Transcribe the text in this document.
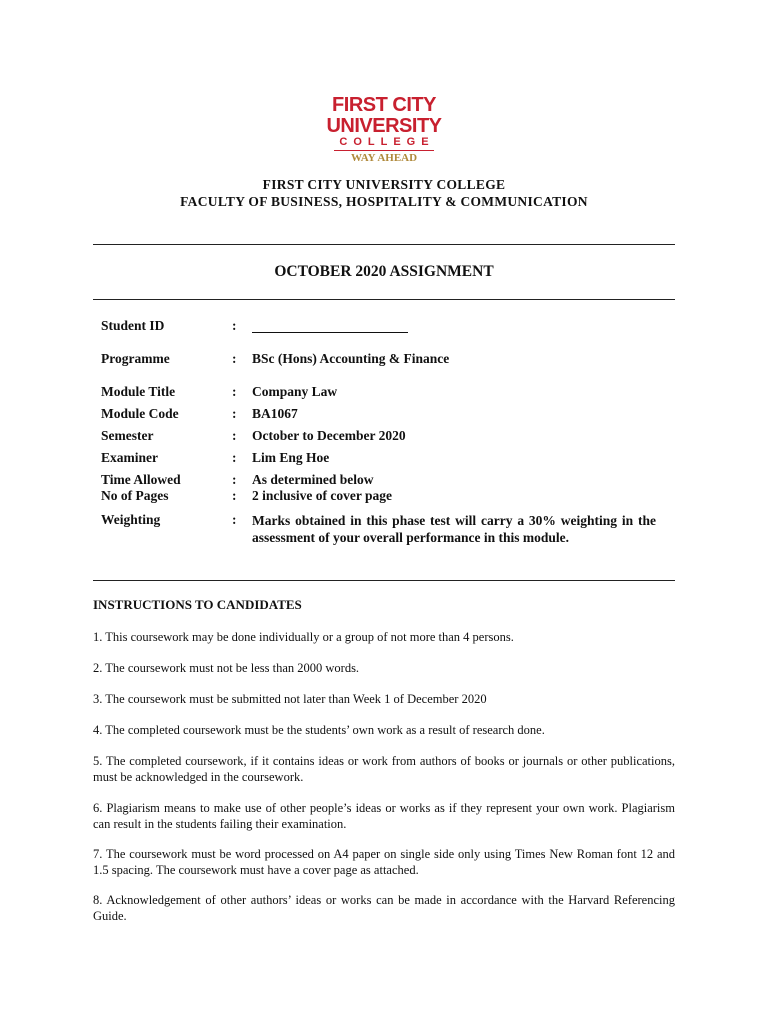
FIRST CITY
UNIVERSITY
COLLEGE
WAY AHEAD
FIRST CITY UNIVERSITY COLLEGE
FACULTY OF BUSINESS, HOSPITALITY & COMMUNICATION
OCTOBER 2020 ASSIGNMENT
Student ID	:
Programme	: BSc (Hons) Accounting & Finance
Module Title	: Company Law
Module Code	: BA1067
Semester	: October to December 2020
Examiner	: Lim Eng Hoe
Time Allowed	: As determined below
No of Pages	: 2 inclusive of cover page
Weighting	: Marks obtained in this phase test will carry a 30% weighting in the assessment of your overall performance in this module.
INSTRUCTIONS TO CANDIDATES
1. This coursework may be done individually or a group of not more than 4 persons.
2. The coursework must not be less than 2000 words.
3. The coursework must be submitted not later than Week 1 of December 2020
4. The completed coursework must be the students’ own work as a result of research done.
5. The completed coursework, if it contains ideas or work from authors of books or journals or other publications, must be acknowledged in the coursework.
6. Plagiarism means to make use of other people’s ideas or works as if they represent your own work. Plagiarism can result in the students failing their examination.
7. The coursework must be word processed on A4 paper on single side only using Times New Roman font 12 and 1.5 spacing. The coursework must have a cover page as attached.
8. Acknowledgement of other authors’ ideas or works can be made in accordance with the Harvard Referencing Guide.
